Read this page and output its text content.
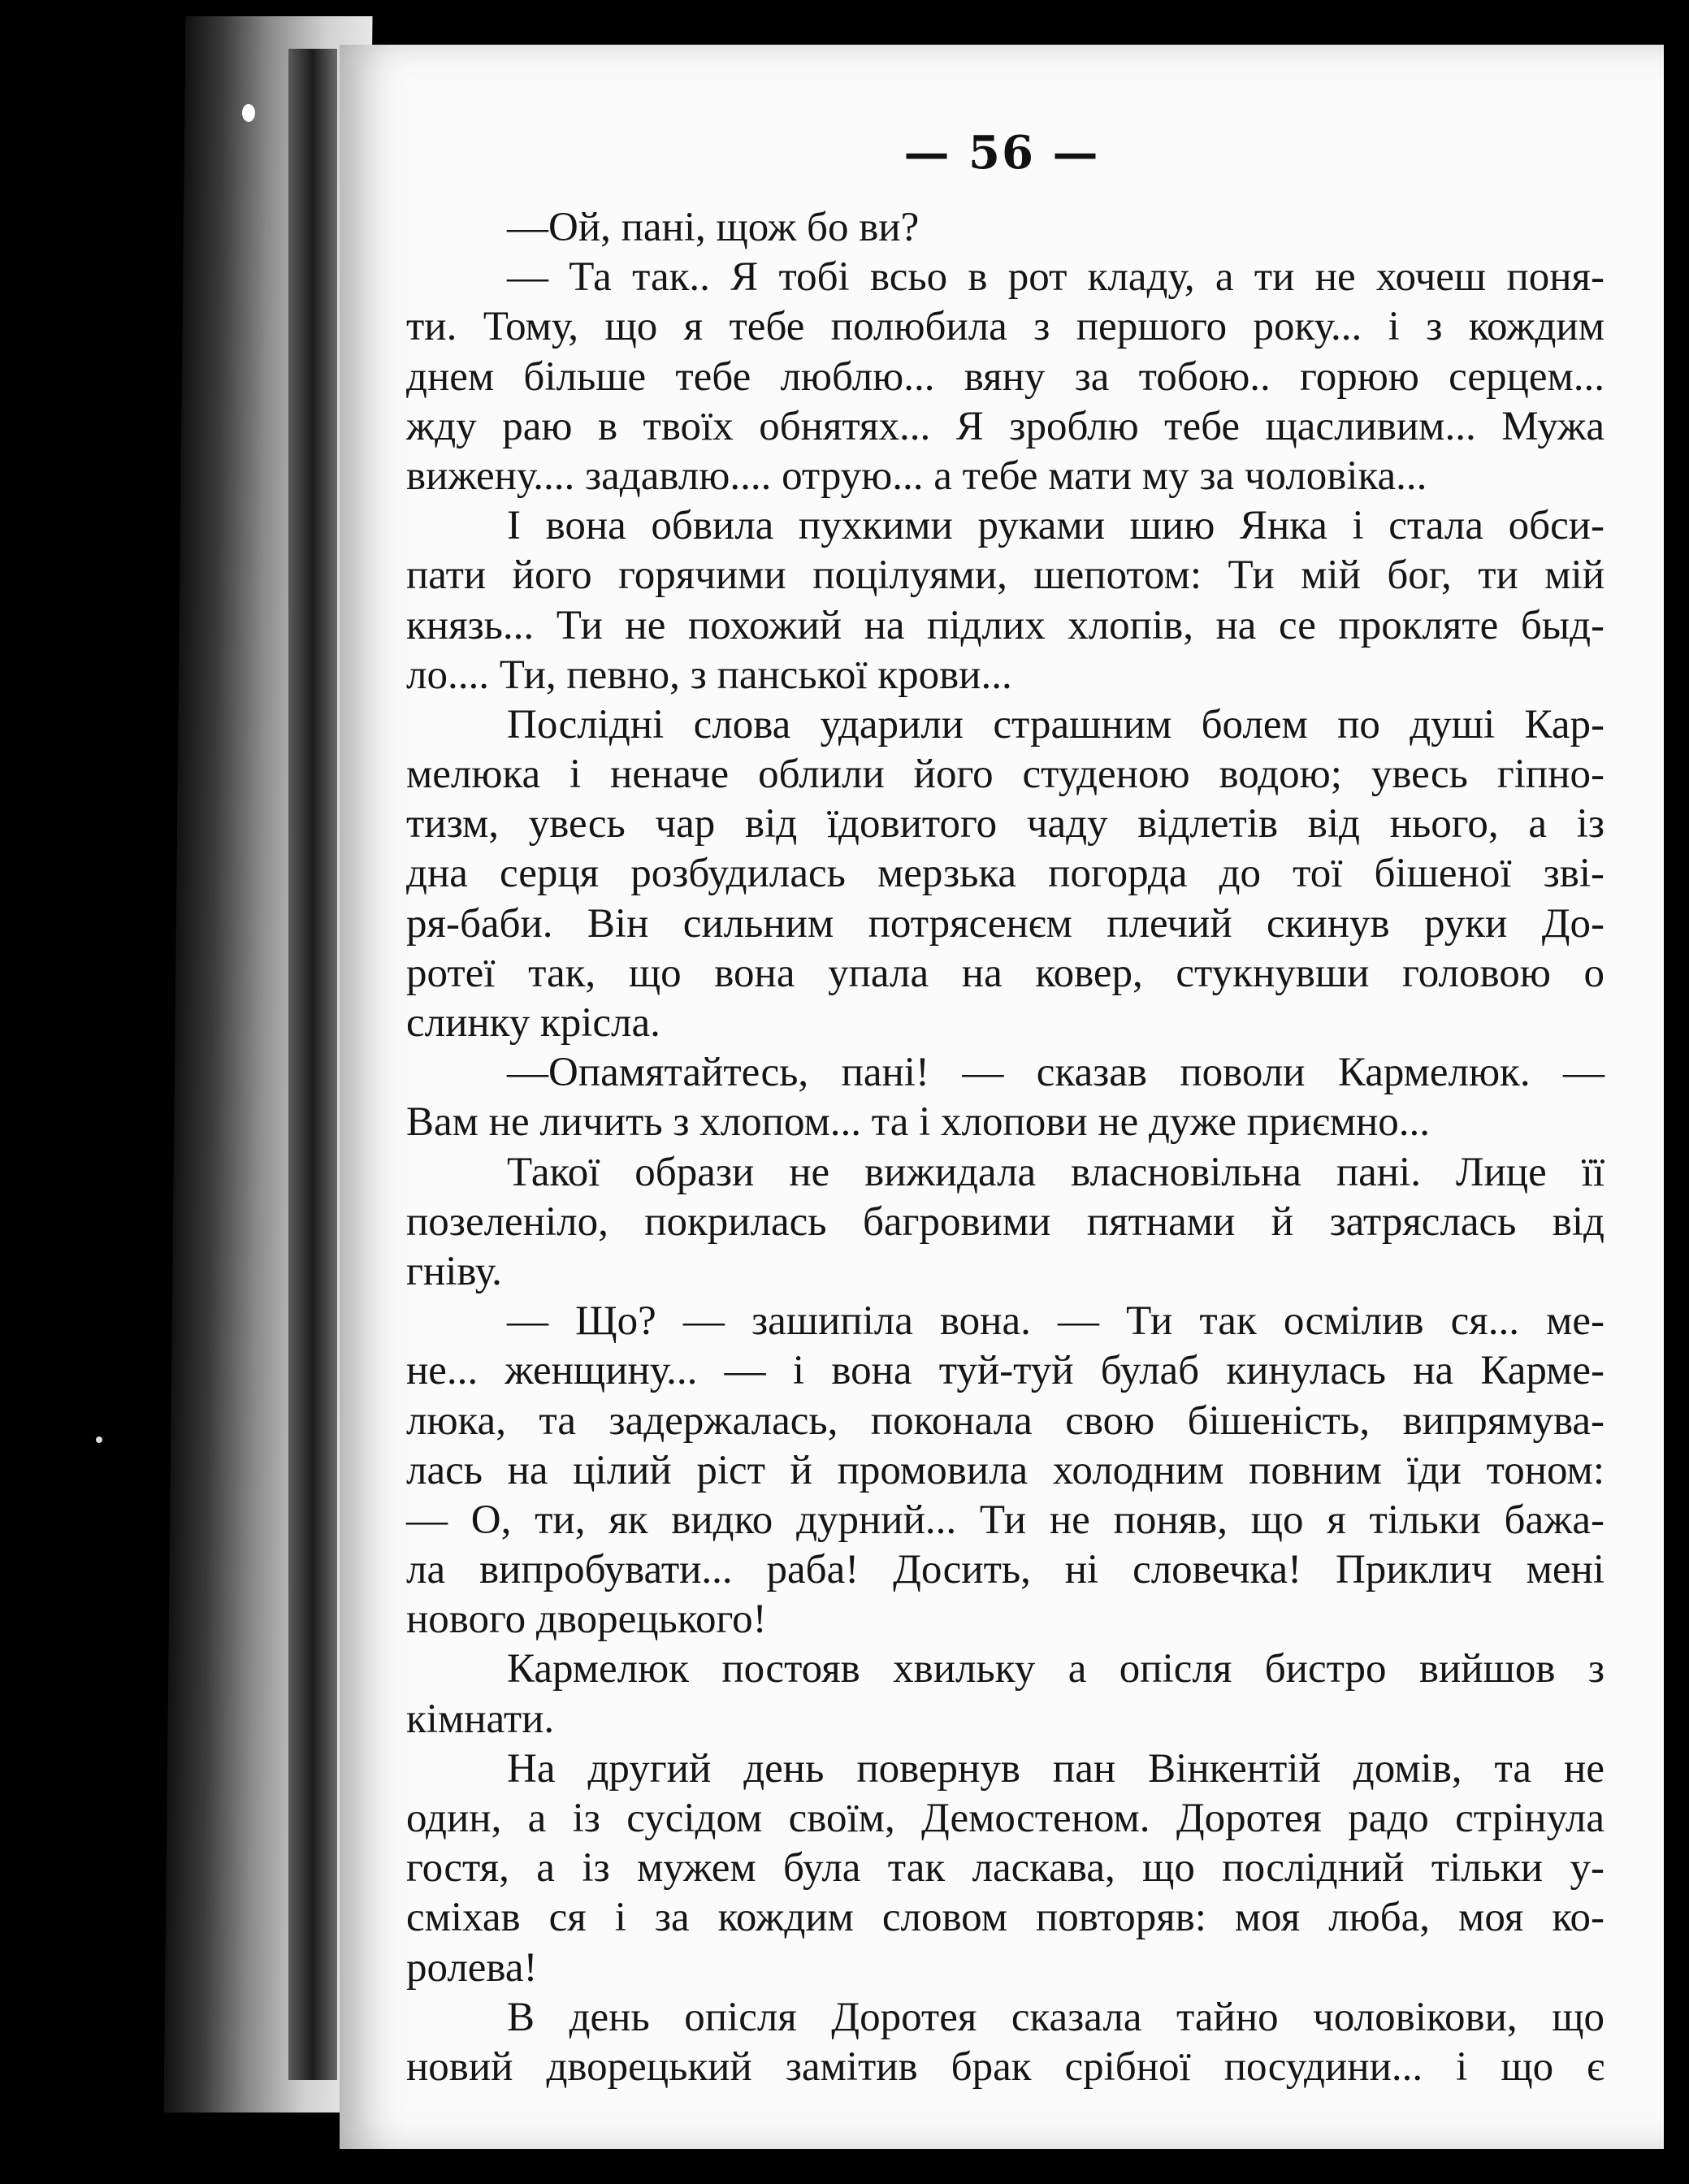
— 56 —
—Ой, пані, щож бо ви?
— Та так.. Я тобі всьо в рот кладу, а ти не хочеш поня-
ти. Тому, що я тебе полюбила з першого року... і з кождим
днем більше тебе люблю... вяну за тобою.. горюю серцем...
жду раю в твоїх обнятях... Я зроблю тебе щасливим... Мужа
вижену.... задавлю.... отрую... а тебе мати му за чоловіка...
І вона обвила пухкими руками шию Янка і стала обси-
пати його горячими поцілуями, шепотом: Ти мій бог, ти мій
князь... Ти не похожий на підлих хлопів, на се прокляте быд-
ло.... Ти, певно, з панської крови...
Послідні слова ударили страшним болем по душі Кар-
мелюка і неначе облили його студеною водою; увесь гіпно-
тизм, увесь чар від їдовитого чаду відлетів від нього, а із
дна серця розбудилась мерзька погорда до тої бішеної зві-
ря-баби. Він сильним потрясенєм плечий скинув руки До-
ротеї так, що вона упала на ковер, стукнувши головою о
слинку крісла.
—Опамятайтесь, пані! — сказав поволи Кармелюк. —
Вам не личить з хлопом... та і хлопови не дуже приємно...
Такої образи не вижидала власновільна пані. Лице її
позеленіло, покрилась багровими пятнами й затряслась від
гніву.
— Що? — зашипіла вона. — Ти так осмілив ся... ме-
не... женщину... — і вона туй-туй булаб кинулась на Карме-
люка, та задержалась, поконала свою бішеність, випрямува-
лась на цілий ріст й промовила холодним повним їди тоном:
— О, ти, як видко дурний... Ти не поняв, що я тільки бажа-
ла випробувати... раба! Досить, ні словечка! Приклич мені
нового дворецького!
Кармелюк постояв хвильку а опісля бистро вийшов з
кімнати.
На другий день повернув пан Вінкентій домів, та не
один, а із сусідом своїм, Демостеном. Доротея радо стрінула
гостя, а із мужем була так ласкава, що послідний тільки у-
сміхав ся і за кождим словом повторяв: моя люба, моя ко-
ролева!
В день опісля Доротея сказала тайно чоловікови, що
новий дворецький замітив брак срібної посудини... і що є
